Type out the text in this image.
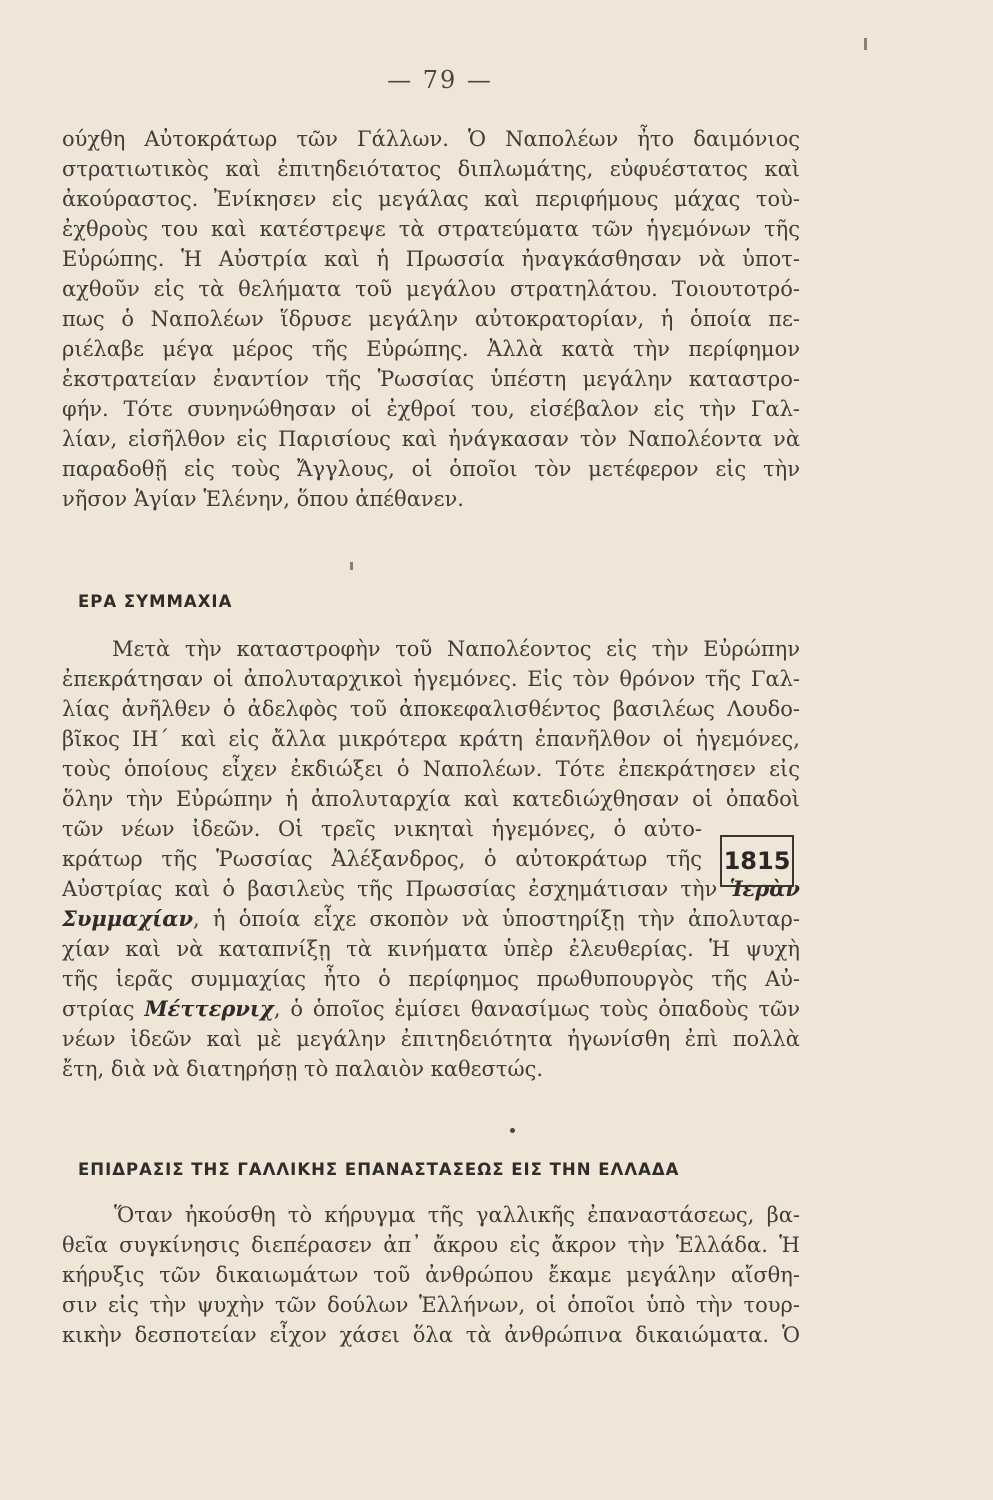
— 79 —
ούχθη Αὐτοκράτωρ τῶν Γάλλων. Ὁ Ναπολέων ἦτο δαιμόνιος
στρατιωτικὸς καὶ ἐπιτηδειότατος διπλωμάτης, εὐφυέστατος καὶ
ἀκούραστος. Ἐνίκησεν εἰς μεγάλας καὶ περιφήμους μάχας τοὺ-
ἐχθροὺς του καὶ κατέστρεψε τὰ στρατεύματα τῶν ἡγεμόνων τῆς
Εὐρώπης. Ἡ Αὐστρία καὶ ἡ Πρωσσία ἠναγκάσθησαν νὰ ὑποτ-
αχθοῦν εἰς τὰ θελήματα τοῦ μεγάλου στρατηλάτου. Τοιουτοτρό-
πως ὁ Ναπολέων ἵδρυσε μεγάλην αὐτοκρατορίαν, ἡ ὁποία πε-
ριέλαβε μέγα μέρος τῆς Εὐρώπης. Ἀλλὰ κατὰ τὴν περίφημον
ἐκστρατείαν ἐναντίον τῆς Ῥωσσίας ὑπέστη μεγάλην καταστρο-
φήν. Τότε συνηνώθησαν οἱ ἐχθροί του, εἰσέβαλον εἰς τὴν Γαλ-
λίαν, εἰσῆλθον εἰς Παρισίους καὶ ἠνάγκασαν τὸν Ναπολέοντα νὰ
παραδοθῇ εἰς τοὺς Ἄγγλους, οἱ ὁποῖοι τὸν μετέφερον εἰς τὴν
νῆσον Ἁγίαν Ἑλένην, ὅπου ἀπέθανεν.
ΕΡΑ ΣΥΜΜΑΧΙΑ
Μετὰ τὴν καταστροφὴν τοῦ Ναπολέοντος εἰς τὴν Εὐρώπην
ἐπεκράτησαν οἱ ἀπολυταρχικοὶ ἡγεμόνες. Εἰς τὸν θρόνον τῆς Γαλ-
λίας ἀνῆλθεν ὁ ἀδελφὸς τοῦ ἀποκεφαλισθέντος βασιλέως Λουδο-
βῖκος ΙΗ΄ καὶ εἰς ἄλλα μικρότερα κράτη ἐπανῆλθον οἱ ἡγεμόνες,
τοὺς ὁποίους εἶχεν ἐκδιώξει ὁ Ναπολέων. Τότε ἐπεκράτησεν εἰς
ὅλην τὴν Εὐρώπην ἡ ἀπολυταρχία καὶ κατεδιώχθησαν οἱ ὀπαδοὶ
τῶν νέων ἰδεῶν. Οἱ τρεῖς νικηταὶ ἡγεμόνες, ὁ αὐτο-
κράτωρ τῆς Ῥωσσίας Ἀλέξανδρος, ὁ αὐτοκράτωρ τῆς
Αὐστρίας καὶ ὁ βασιλεὺς τῆς Πρωσσίας ἐσχημάτισαν τὴν Ἱερὰν
Συμμαχίαν, ἡ ὁποία εἶχε σκοπὸν νὰ ὑποστηρίξῃ τὴν ἀπολυταρ-
χίαν καὶ νὰ καταπνίξῃ τὰ κινήματα ὑπὲρ ἐλευθερίας. Ἡ ψυχὴ
τῆς ἱερᾶς συμμαχίας ἦτο ὁ περίφημος πρωθυπουργὸς τῆς Αὐ-
στρίας Μέττερνιχ, ὁ ὁποῖος ἐμίσει θανασίμως τοὺς ὀπαδοὺς τῶν
νέων ἰδεῶν καὶ μὲ μεγάλην ἐπιτηδειότητα ἠγωνίσθη ἐπὶ πολλὰ
ἔτη, διὰ νὰ διατηρήσῃ τὸ παλαιὸν καθεστώς.
1815
ΕΠΙΔΡΑΣΙΣ ΤΗΣ ΓΑΛΛΙΚΗΣ ΕΠΑΝΑΣΤΑΣΕΩΣ ΕΙΣ ΤΗΝ ΕΛΛΑΔΑ
Ὅταν ἠκούσθη τὸ κήρυγμα τῆς γαλλικῆς ἐπαναστάσεως, βα-
θεῖα συγκίνησις διεπέρασεν ἀπ᾽ ἄκρου εἰς ἄκρον τὴν Ἑλλάδα. Ἡ
κήρυξις τῶν δικαιωμάτων τοῦ ἀνθρώπου ἔκαμε μεγάλην αἴσθη-
σιν εἰς τὴν ψυχὴν τῶν δούλων Ἑλλήνων, οἱ ὁποῖοι ὑπὸ τὴν τουρ-
κικὴν δεσποτείαν εἶχον χάσει ὅλα τὰ ἀνθρώπινα δικαιώματα. Ὁ
